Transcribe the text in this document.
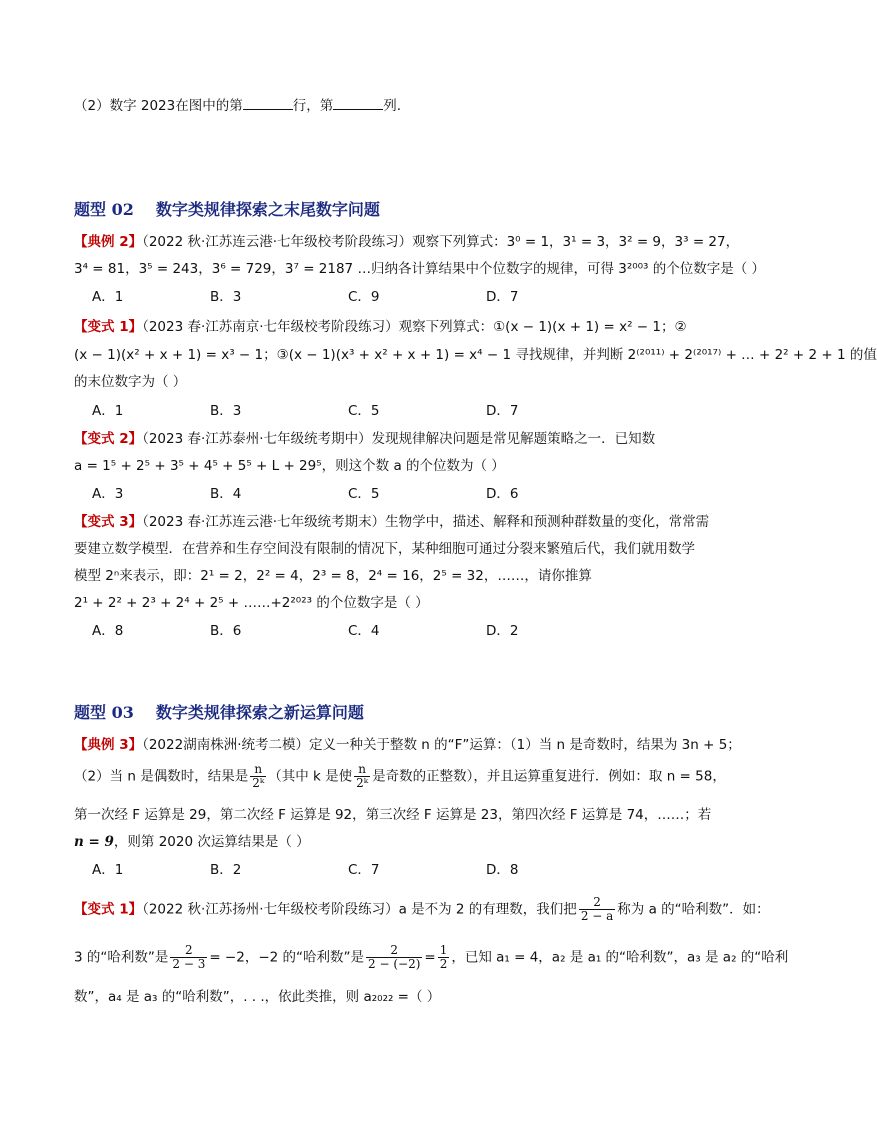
（2）数字 2023在图中的第	行，第	列.
题型 02 数字类规律探索之末尾数字问题
【典例 2】（2022 秋·江苏连云港·七年级校考阶段练习）观察下列算式：3⁰ = 1，3¹ = 3，3² = 9，3³ = 27，
3⁴ = 81，3⁵ = 243，3⁶ = 729，3⁷ = 2187 …归纳各计算结果中个位数字的规律，可得 3²⁰⁰³ 的个位数字是（ ）
A．1	B．3	C．9	D．7
【变式 1】（2023 春·江苏南京·七年级校考阶段练习）观察下列算式：①(x − 1)(x + 1) = x² − 1；②
(x − 1)(x² + x + 1) = x³ − 1；③(x − 1)(x³ + x² + x + 1) = x⁴ − 1 寻找规律，并判断 2⁽²⁰¹¹⁾ + 2⁽²⁰¹⁷⁾ + … + 2² + 2 + 1 的值
的末位数字为（ ）
A．1	B．3	C．5	D．7
【变式 2】（2023 春·江苏泰州·七年级统考期中）发现规律解决问题是常见解题策略之一．已知数
a = 1⁵ + 2⁵ + 3⁵ + 4⁵ + 5⁵ + L + 29⁵，则这个数 a 的个位数为（ ）
A．3	B．4	C．5	D．6
【变式 3】（2023 春·江苏连云港·七年级统考期末）生物学中，描述、解释和预测种群数量的变化，常常需
要建立数学模型．在营养和生存空间没有限制的情况下，某种细胞可通过分裂来繁殖后代，我们就用数学
模型 2ⁿ来表示，即：2¹ = 2，2² = 4，2³ = 8，2⁴ = 16，2⁵ = 32，……，请你推算
2¹ + 2² + 2³ + 2⁴ + 2⁵ + ……+2²⁰²³ 的个位数字是（ ）
A．8	B．6	C．4	D．2
题型 03 数字类规律探索之新运算问题
【典例 3】（2022湖南株洲·统考二模）定义一种关于整数 n 的“F”运算：（1）当 n 是奇数时，结果为 3n + 5；
（2）当 n 是偶数时，结果是 $\frac{n}{\text{2ᵏ}}$ （其中 k 是使 $\frac{n}{\text{2ᵏ}}$ 是奇数的正整数），并且运算重复进行．例如：取 n = 58，
第一次经 F 运算是 29，第二次经 F 运算是 92，第三次经 F 运算是 23，第四次经 F 运算是 74，……；若
n = 9，则第 2020 次运算结果是（ ）
A．1	B．2	C．7	D．8
【变式 1】（2022 秋·江苏扬州·七年级校考阶段练习）a 是不为 2 的有理数，我们把 $\frac{2}{2 - a}$ 称为 a 的“哈利数”．如：
3 的“哈利数”是 $\frac{2}{2 - 3} = -2$，−2 的“哈利数”是 $\frac{2}{2 - (-2)} = \frac{1}{2}$ ，已知 a₁ = 4，a₂ 是 a₁ 的“哈利数”，a₃ 是 a₂ 的“哈利
数”，a₄ 是 a₃ 的“哈利数”，. . .，依此类推，则 a₂₀₂₂ =（ ）
